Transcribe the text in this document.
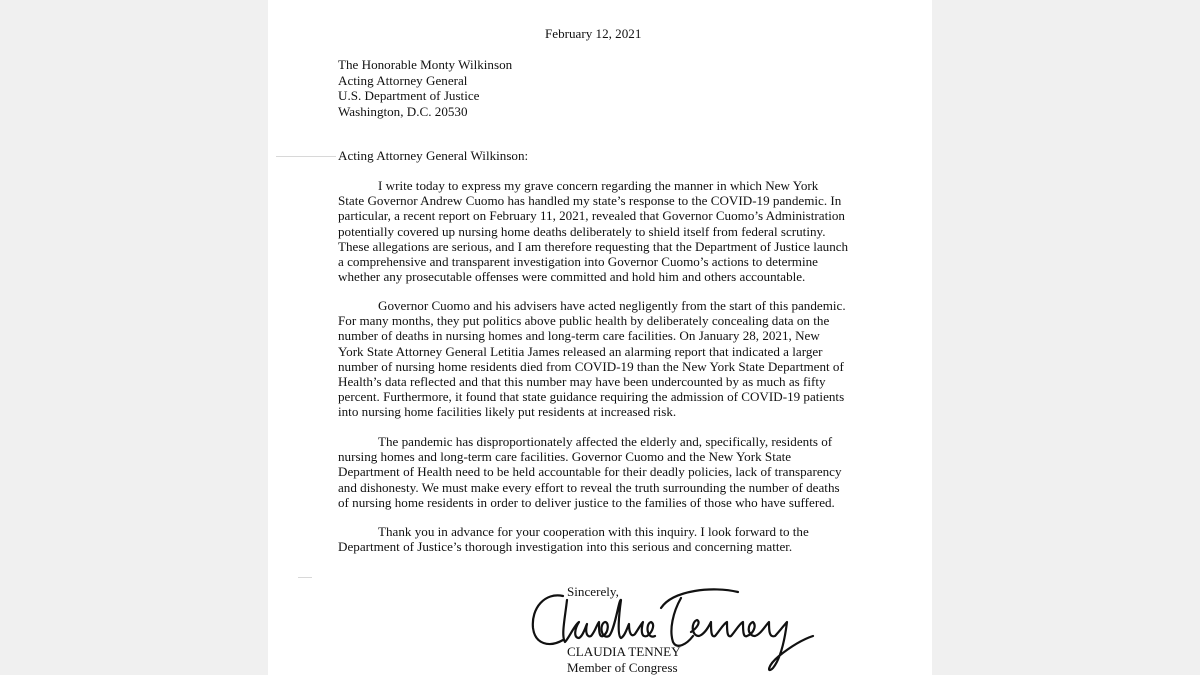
February 12, 2021

The Honorable Monty Wilkinson
Acting Attorney General
U.S. Department of Justice
Washington, D.C. 20530

Acting Attorney General Wilkinson:

I write today to express my grave concern regarding the manner in which New York
State Governor Andrew Cuomo has handled my state’s response to the COVID-19 pandemic. In
particular, a recent report on February 11, 2021, revealed that Governor Cuomo’s Administration
potentially covered up nursing home deaths deliberately to shield itself from federal scrutiny.
These allegations are serious, and I am therefore requesting that the Department of Justice launch
a comprehensive and transparent investigation into Governor Cuomo’s actions to determine
whether any prosecutable offenses were committed and hold him and others accountable.
Governor Cuomo and his advisers have acted negligently from the start of this pandemic.
For many months, they put politics above public health by deliberately concealing data on the
number of deaths in nursing homes and long-term care facilities. On January 28, 2021, New
York State Attorney General Letitia James released an alarming report that indicated a larger
number of nursing home residents died from COVID-19 than the New York State Department of
Health’s data reflected and that this number may have been undercounted by as much as fifty
percent. Furthermore, it found that state guidance requiring the admission of COVID-19 patients
into nursing home facilities likely put residents at increased risk.
The pandemic has disproportionately affected the elderly and, specifically, residents of
nursing homes and long-term care facilities. Governor Cuomo and the New York State
Department of Health need to be held accountable for their deadly policies, lack of transparency
and dishonesty. We must make every effort to reveal the truth surrounding the number of deaths
of nursing home residents in order to deliver justice to the families of those who have suffered.
Thank you in advance for your cooperation with this inquiry. I look forward to the
Department of Justice’s thorough investigation into this serious and concerning matter.

Sincerely,

Claudia Tenney

CLAUDIA TENNEY

Member of Congress
